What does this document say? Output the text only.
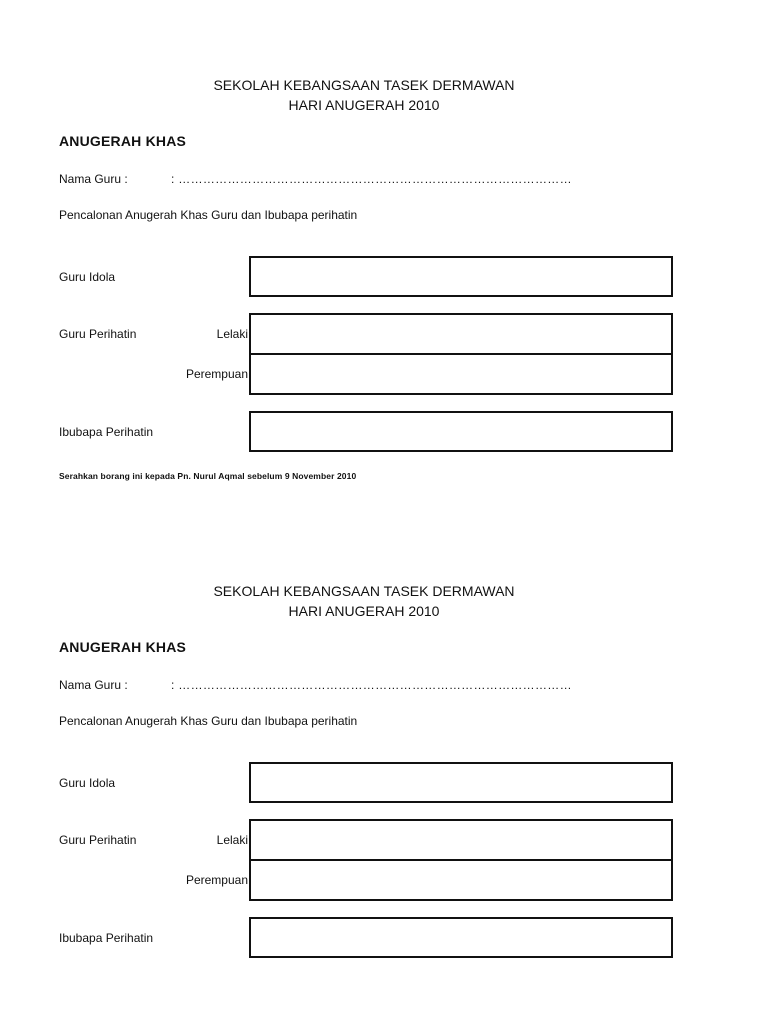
SEKOLAH KEBANGSAAN TASEK DERMAWAN
HARI ANUGERAH 2010
ANUGERAH KHAS
Nama Guru :	: ……………………………………………………………………………………
Pencalonan Anugerah Khas Guru dan Ibubapa perihatin
Guru Idola
Guru Perihatin	Lelaki
Perempuan
Ibubapa Perihatin
Serahkan borang ini kepada Pn. Nurul Aqmal sebelum 9 November 2010
SEKOLAH KEBANGSAAN TASEK DERMAWAN
HARI ANUGERAH 2010
ANUGERAH KHAS
Nama Guru :	: ……………………………………………………………………………………
Pencalonan Anugerah Khas Guru dan Ibubapa perihatin
Guru Idola
Guru Perihatin	Lelaki
Perempuan
Ibubapa Perihatin
